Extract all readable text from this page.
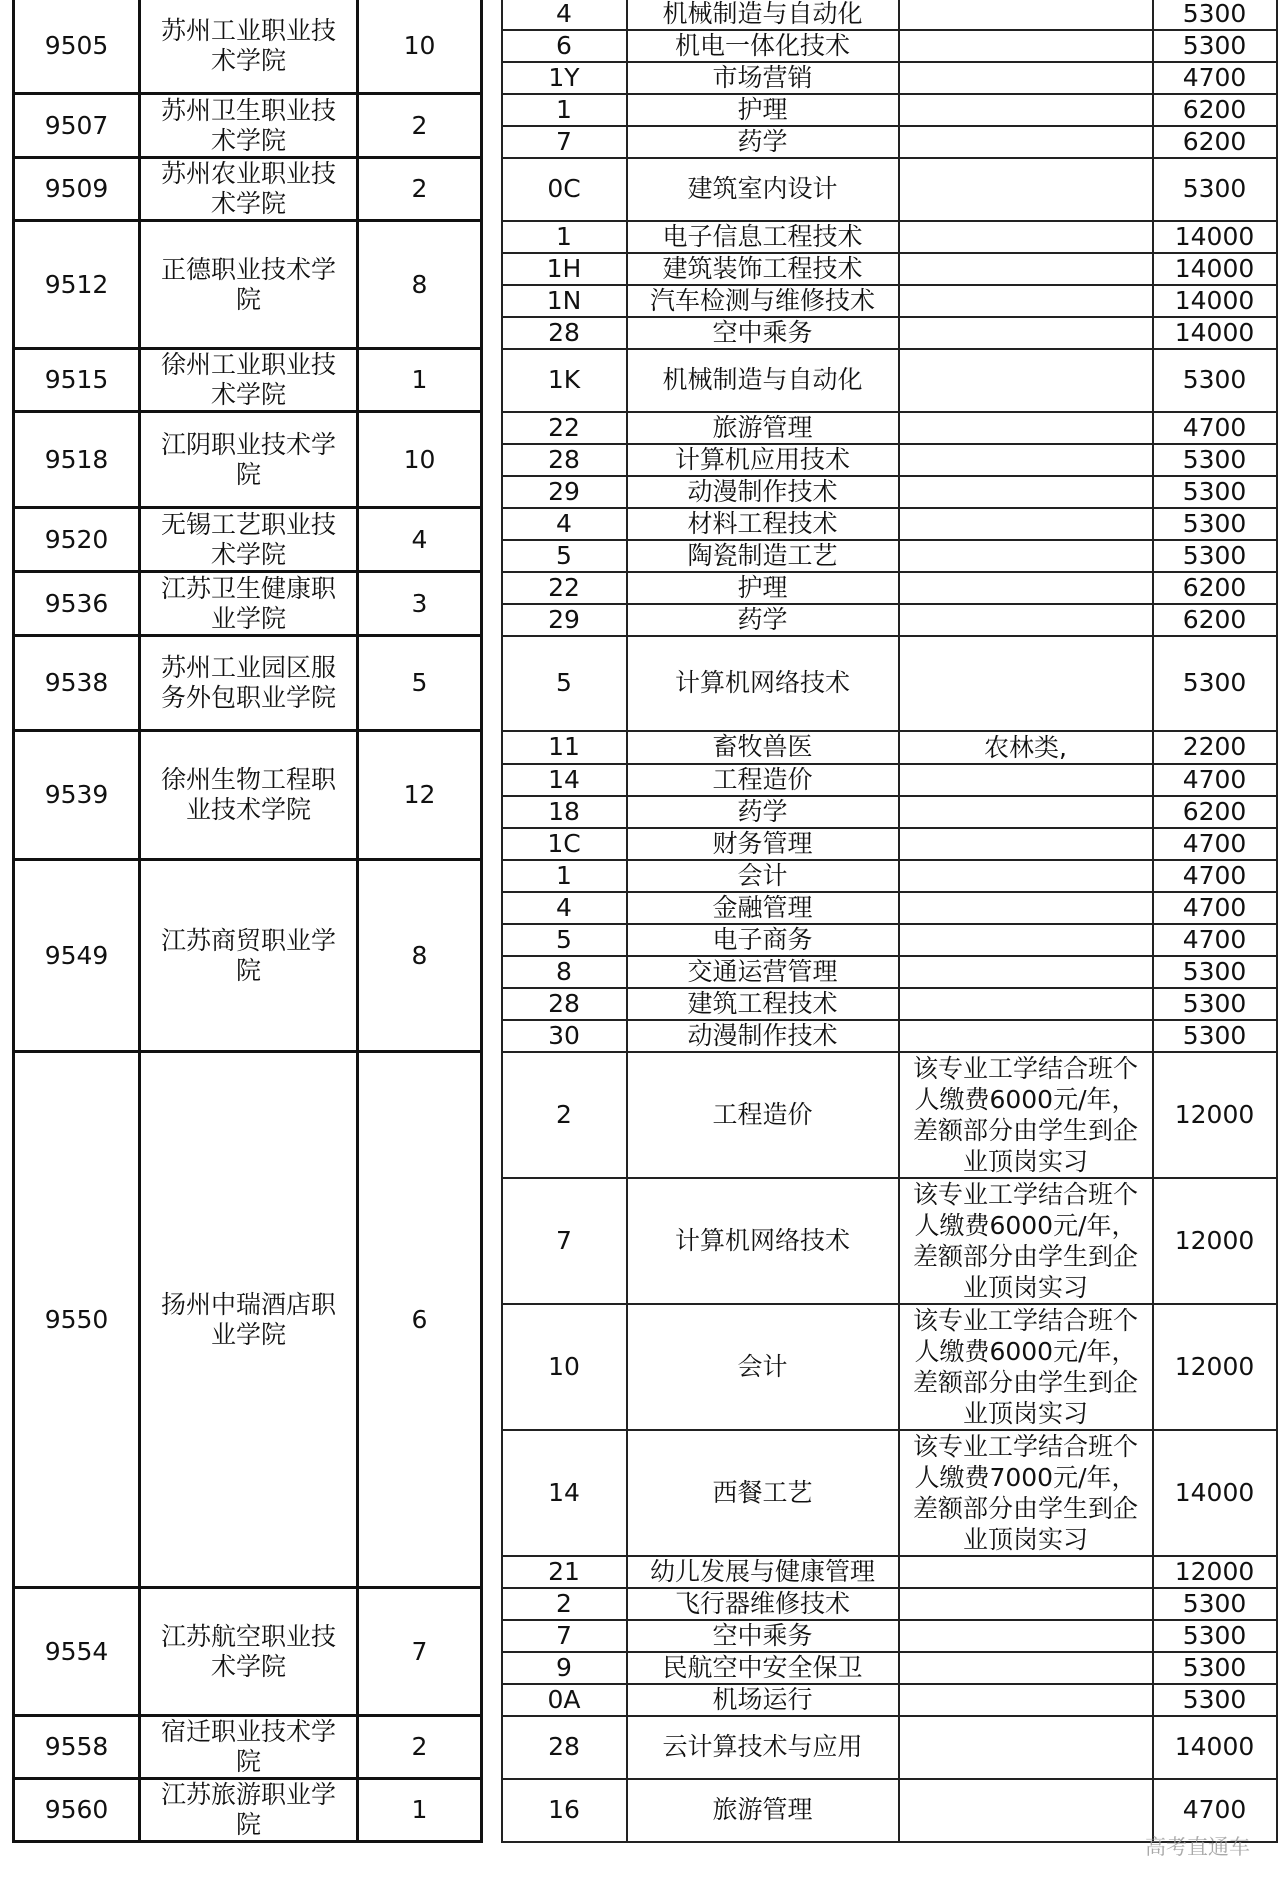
9505	苏州工业职业技术学院	10		4	机械制造与自动化		5300
				6	机电一体化技术		5300
				1Y	市场营销		4700
9507	苏州卫生职业技术学院	2		1	护理		6200
				7	药学		6200
9509	苏州农业职业技术学院	2		0C	建筑室内设计		5300
9512	正德职业技术学院	8		1	电子信息工程技术		14000
				1H	建筑装饰工程技术		14000
				1N	汽车检测与维修技术		14000
				28	空中乘务		14000
9515	徐州工业职业技术学院	1		1K	机械制造与自动化		5300
9518	江阴职业技术学院	10		22	旅游管理		4700
				28	计算机应用技术		5300
				29	动漫制作技术		5300
9520	无锡工艺职业技术学院	4		4	材料工程技术		5300
				5	陶瓷制造工艺		5300
9536	江苏卫生健康职业学院	3		22	护理		6200
				29	药学		6200
9538	苏州工业园区服务外包职业学院	5		5	计算机网络技术		5300
9539	徐州生物工程职业技术学院	12		11	畜牧兽医	农林类,	2200
				14	工程造价		4700
				18	药学		6200
				1C	财务管理		4700
9549	江苏商贸职业学院	8		1	会计		4700
				4	金融管理		4700
				5	电子商务		4700
				8	交通运营管理		5300
				28	建筑工程技术		5300
				30	动漫制作技术		5300
9550	扬州中瑞酒店职业学院	6		2	工程造价	该专业工学结合班个人缴费6000元/年，差额部分由学生到企业顶岗实习	12000
				7	计算机网络技术	该专业工学结合班个人缴费6000元/年，差额部分由学生到企业顶岗实习	12000
				10	会计	该专业工学结合班个人缴费6000元/年，差额部分由学生到企业顶岗实习	12000
				14	西餐工艺	该专业工学结合班个人缴费7000元/年，差额部分由学生到企业顶岗实习	14000
				21	幼儿发展与健康管理		12000
9554	江苏航空职业技术学院	7		2	飞行器维修技术		5300
				7	空中乘务		5300
				9	民航空中安全保卫		5300
				0A	机场运行		5300
9558	宿迁职业技术学院	2		28	云计算技术与应用		14000
9560	江苏旅游职业学院	1		16	旅游管理		4700
高考直通车
